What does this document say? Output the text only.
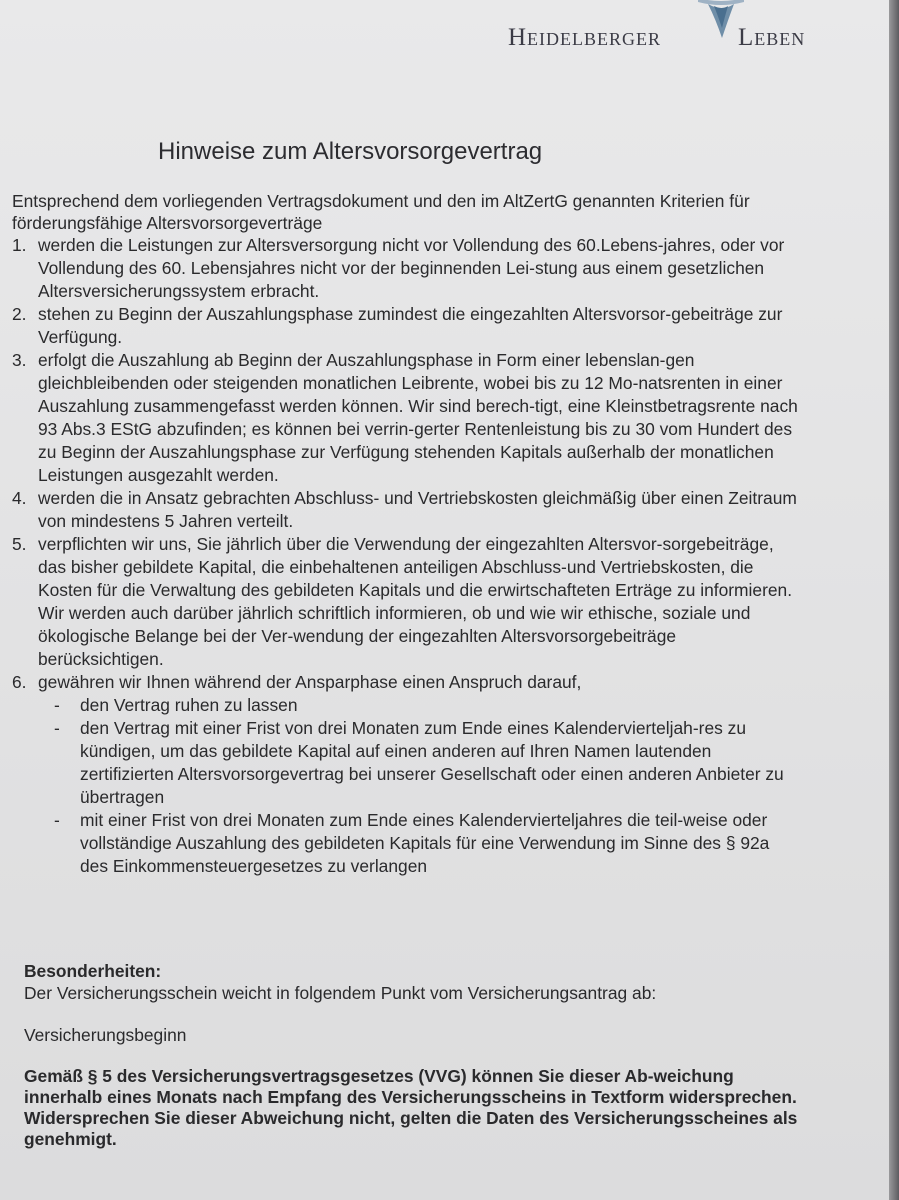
Heidelberger	Leben
Hinweise zum Altersvorsorgevertrag
Entsprechend dem vorliegenden Vertragsdokument und den im AltZertG genannten Kriterien für förderungsfähige Altersvorsorgeverträge
1. werden die Leistungen zur Altersversorgung nicht vor Vollendung des 60.Lebens-jahres, oder vor Vollendung des 60. Lebensjahres nicht vor der beginnenden Lei-stung aus einem gesetzlichen Altersversicherungssystem erbracht.
2. stehen zu Beginn der Auszahlungsphase zumindest die eingezahlten Altersvorsor-gebeiträge zur Verfügung.
3. erfolgt die Auszahlung ab Beginn der Auszahlungsphase in Form einer lebenslan-gen gleichbleibenden oder steigenden monatlichen Leibrente, wobei bis zu 12 Mo-natsrenten in einer Auszahlung zusammengefasst werden können. Wir sind berech-tigt, eine Kleinstbetragsrente nach 93 Abs.3 EStG abzufinden; es können bei verrin-gerter Rentenleistung bis zu 30 vom Hundert des zu Beginn der Auszahlungsphase zur Verfügung stehenden Kapitals außerhalb der monatlichen Leistungen ausgezahlt werden.
4. werden die in Ansatz gebrachten Abschluss- und Vertriebskosten gleichmäßig über einen Zeitraum von mindestens 5 Jahren verteilt.
5. verpflichten wir uns, Sie jährlich über die Verwendung der eingezahlten Altersvor-sorgebeiträge, das bisher gebildete Kapital, die einbehaltenen anteiligen Abschluss-und Vertriebskosten, die Kosten für die Verwaltung des gebildeten Kapitals und die erwirtschafteten Erträge zu informieren. Wir werden auch darüber jährlich schriftlich informieren, ob und wie wir ethische, soziale und ökologische Belange bei der Ver-wendung der eingezahlten Altersvorsorgebeiträge berücksichtigen.
6. gewähren wir Ihnen während der Ansparphase einen Anspruch darauf,
- den Vertrag ruhen zu lassen
- den Vertrag mit einer Frist von drei Monaten zum Ende eines Kalendervierteljah-res zu kündigen, um das gebildete Kapital auf einen anderen auf Ihren Namen lautenden zertifizierten Altersvorsorgevertrag bei unserer Gesellschaft oder einen anderen Anbieter zu übertragen
- mit einer Frist von drei Monaten zum Ende eines Kalendervierteljahres die teil-weise oder vollständige Auszahlung des gebildeten Kapitals für eine Verwendung im Sinne des § 92a des Einkommensteuergesetzes zu verlangen
Besonderheiten:
Der Versicherungsschein weicht in folgendem Punkt vom Versicherungsantrag ab:
Versicherungsbeginn
Gemäß § 5 des Versicherungsvertragsgesetzes (VVG) können Sie dieser Ab-weichung innerhalb eines Monats nach Empfang des Versicherungsscheins in Textform widersprechen. Widersprechen Sie dieser Abweichung nicht, gelten die Daten des Versicherungsscheines als genehmigt.
